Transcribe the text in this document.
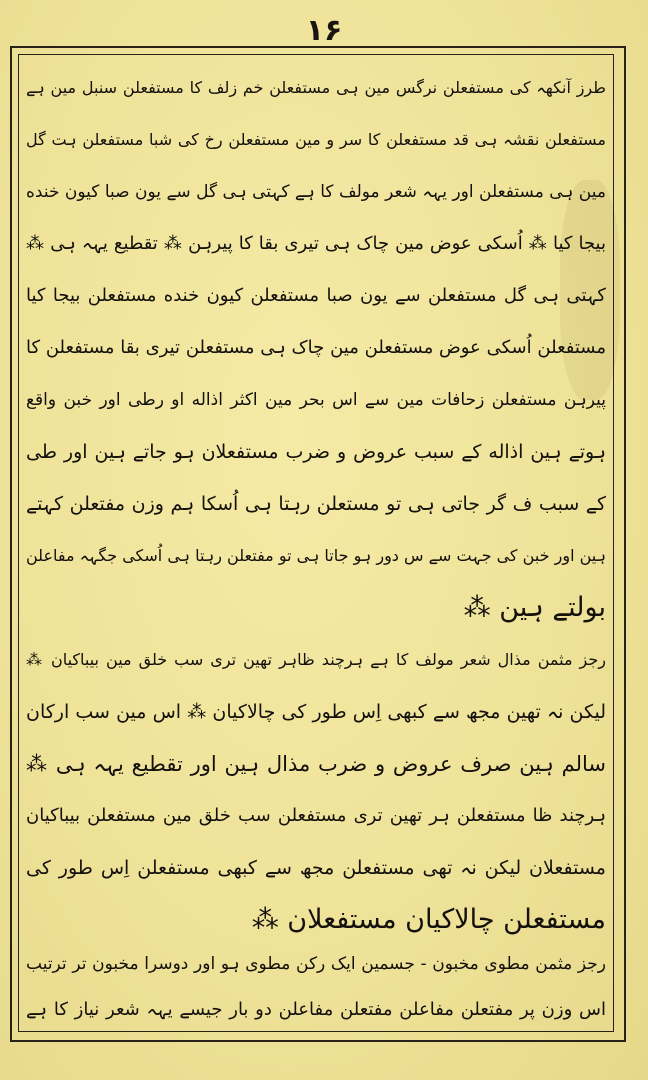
۱۶
طرز آنکھہ کی مستفعلن نرگس مین ہی مستفعلن خم زلف کا مستفعلن سنبل مین ہے
مستفعلن نقشہ ہی قد مستفعلن کا سر و مین مستفعلن رخ کی شبا مستفعلن ہت گل
مین ہی مستفعلن اور یہہ شعر مولف کا ہے کہتی ہی گل سے یون صبا کیون خنده
بیجا کیا ⁂ اُسکی عوض مین چاک ہی تیری بقا کا پیرہن ⁂ تقطیع یہہ ہی ⁂
کہتی ہی گل مستفعلن سے یون صبا مستفعلن کیون خنده مستفعلن بیجا کیا
مستفعلن اُسکی عوض مستفعلن مین چاک ہی مستفعلن تیری بقا مستفعلن کا
پیرہن مستفعلن زحافات مین سے اس بحر مین اکثر اذاله او رطی اور خبن واقع
ہوتے ہین اذاله کے سبب عروض و ضرب مستفعلان ہو جاتے ہین اور طی
کے سبب ف گر جاتی ہی تو مستعلن رہتا ہی اُسکا ہم وزن مفتعلن کہتے
ہین اور خبن کی جہت سے س دور ہو جاتا ہی تو مفتعلن رہتا ہی اُسکی جگہہ مفاعلن
بولتے ہین ⁂
رجز مثمن مذال شعر مولف کا ہے ہرچند ظاہر تھین تری سب خلق مین بیباکیان ⁂
لیکن نہ تھین مجھ سے کبھی اِس طور کی چالاکیان ⁂ اس مین سب ارکان
سالم ہین صرف عروض و ضرب مذال ہین اور تقطیع یہہ ہی ⁂
ہرچند ظا مستفعلن ہر تھین تری مستفعلن سب خلق مین مستفعلن بیباکیان
مستفعلان لیکن نہ تھی مستفعلن مجھ سے کبھی مستفعلن اِس طور کی
مستفعلن چالاکیان مستفعلان ⁂
رجز مثمن مطوی مخبون - جسمین ایک رکن مطوی ہو اور دوسرا مخبون تر ترتیب
اس وزن پر مفتعلن مفاعلن مفتعلن مفاعلن دو بار جیسے یہہ شعر نیاز کا ہے
